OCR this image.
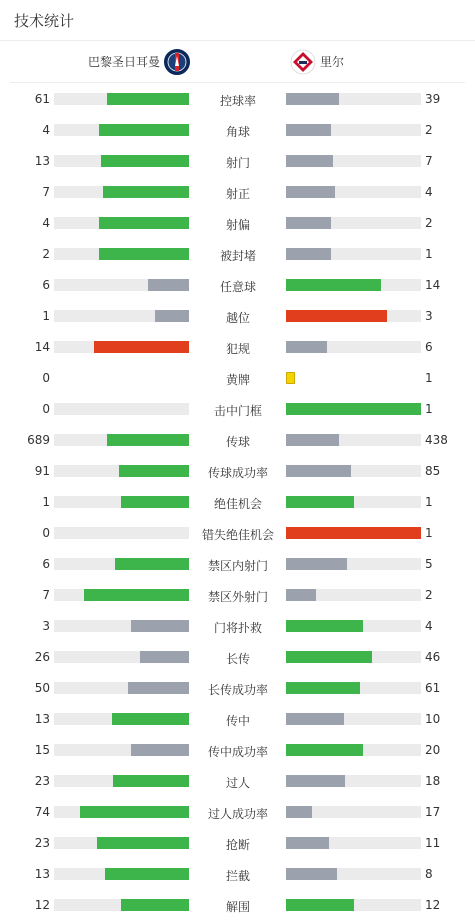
技术统计
巴黎圣日耳曼	里尔
61	控球率	39
4	角球	2
13	射门	7
7	射正	4
4	射偏	2
2	被封堵	1
6	任意球	14
1	越位	3
14	犯规	6
0	黄牌	1
0	击中门框	1
689	传球	438
91	传球成功率	85
1	绝佳机会	1
0	错失绝佳机会	1
6	禁区内射门	5
7	禁区外射门	2
3	门将扑救	4
26	长传	46
50	长传成功率	61
13	传中	10
15	传中成功率	20
23	过人	18
74	过人成功率	17
23	抢断	11
13	拦截	8
12	解围	12
